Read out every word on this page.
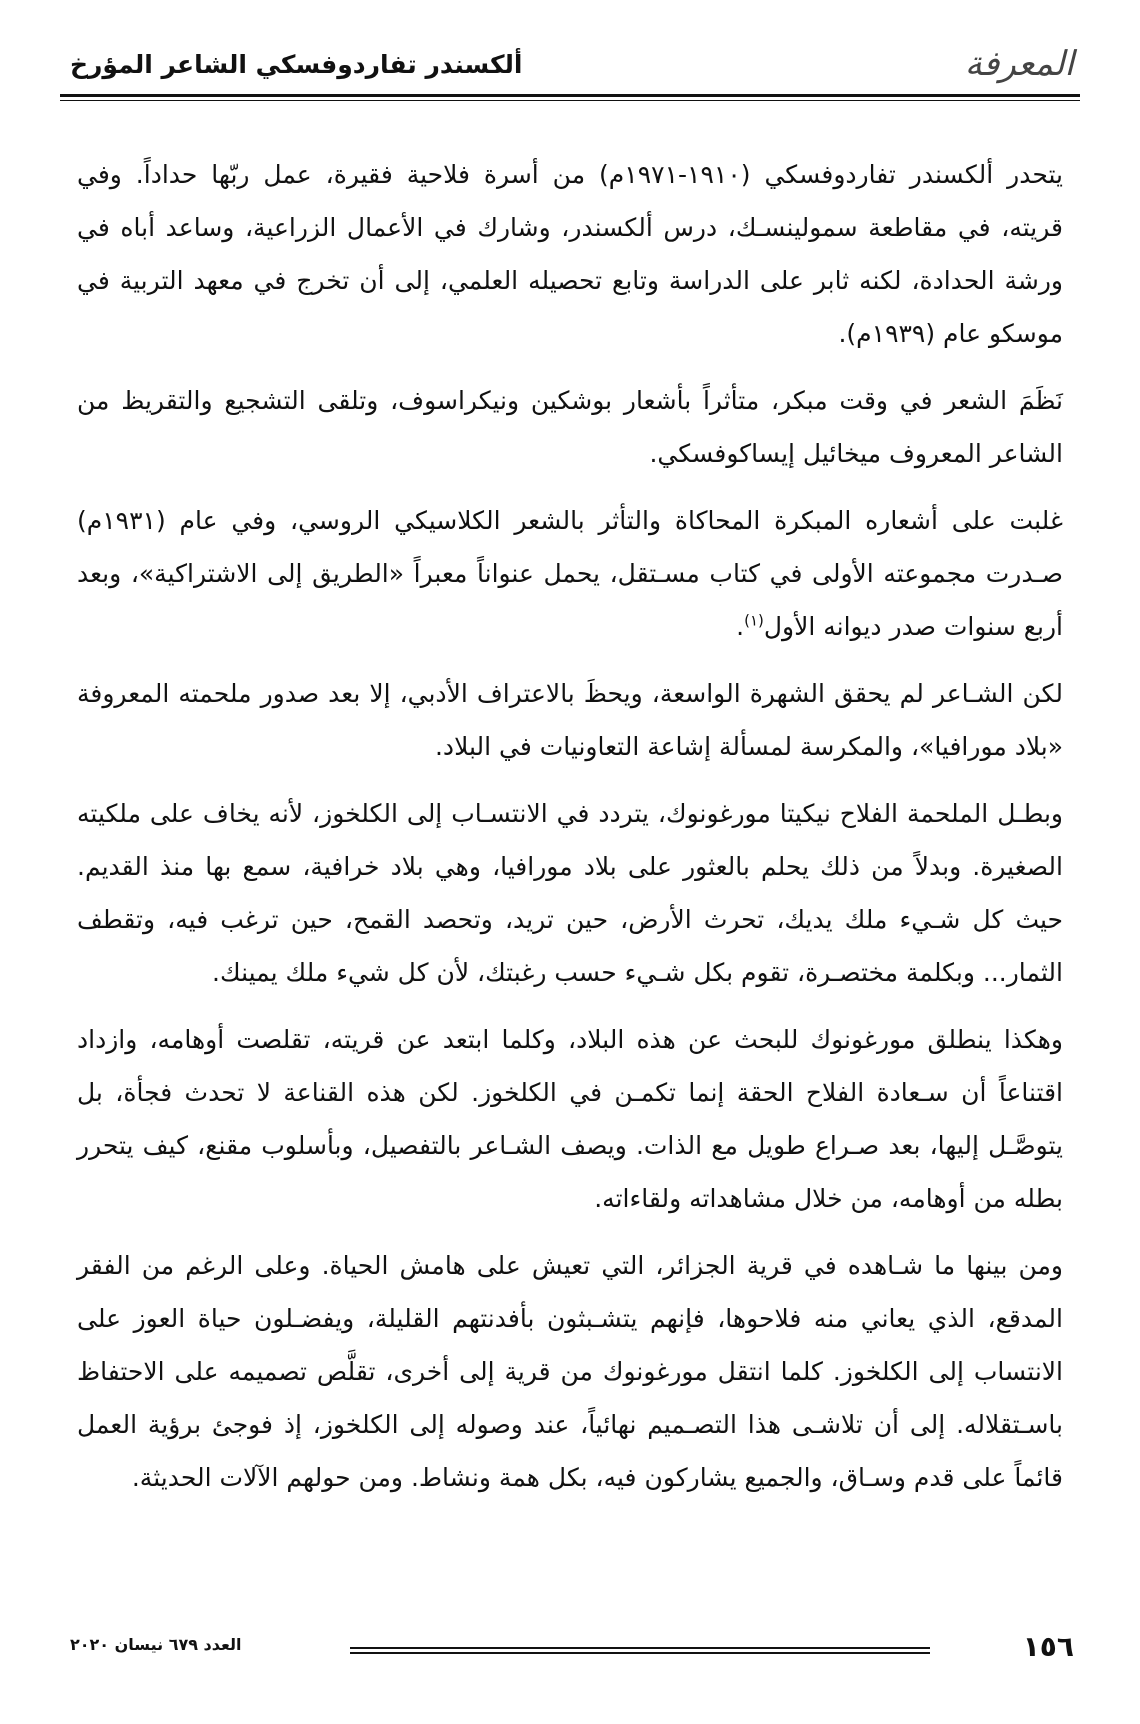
المعرفة
ألكسندر تفاردوفسكي الشاعر المؤرخ

يتحدر ألكسندر تفاردوفسكي (١٩١٠-١٩٧١م) من أسرة فلاحية فقيرة، عمل ربّها حداداً. وفي قريته، في مقاطعة سمولينسـك، درس ألكسندر، وشارك في الأعمال الزراعية، وساعد أباه في ورشة الحدادة، لكنه ثابر على الدراسة وتابع تحصيله العلمي، إلى أن تخرج في معهد التربية في موسكو عام (١٩٣٩م).

نَظَمَ الشعر في وقت مبكر، متأثراً بأشعار بوشكين ونيكراسوف، وتلقى التشجيع والتقريظ من الشاعر المعروف ميخائيل إيساكوفسكي.

غلبت على أشعاره المبكرة المحاكاة والتأثر بالشعر الكلاسيكي الروسي، وفي عام (١٩٣١م) صـدرت مجموعته الأولى في كتاب مسـتقل، يحمل عنواناً معبراً «الطريق إلى الاشتراكية»، وبعد أربع سنوات صدر ديوانه الأول$^{(١)}$.

لكن الشـاعر لم يحقق الشهرة الواسعة، ويحظَ بالاعتراف الأدبي، إلا بعد صدور ملحمته المعروفة «بلاد مورافيا»، والمكرسة لمسألة إشاعة التعاونيات في البلاد.

وبطـل الملحمة الفلاح نيكيتا مورغونوك، يتردد في الانتسـاب إلى الكلخوز، لأنه يخاف على ملكيته الصغيرة. وبدلاً من ذلك يحلم بالعثور على بلاد مورافيا، وهي بلاد خرافية، سمع بها منذ القديم. حيث كل شـيء ملك يديك، تحرث الأرض، حين تريد، وتحصد القمح، حين ترغب فيه، وتقطف الثمار... وبكلمة مختصـرة، تقوم بكل شـيء حسب رغبتك، لأن كل شيء ملك يمينك.

وهكذا ينطلق مورغونوك للبحث عن هذه البلاد، وكلما ابتعد عن قريته، تقلصت أوهامه، وازداد اقتناعاً أن سـعادة الفلاح الحقة إنما تكمـن في الكلخوز. لكن هذه القناعة لا تحدث فجأة، بل يتوصَّـل إليها، بعد صـراع طويل مع الذات. ويصف الشـاعر بالتفصيل، وبأسلوب مقنع، كيف يتحرر بطله من أوهامه، من خلال مشاهداته ولقاءاته.

ومن بينها ما شـاهده في قرية الجزائر، التي تعيش على هامش الحياة. وعلى الرغم من الفقر المدقع، الذي يعاني منه فلاحوها، فإنهم يتشـبثون بأفدنتهم القليلة، ويفضـلون حياة العوز على الانتساب إلى الكلخوز. كلما انتقل مورغونوك من قرية إلى أخرى، تقلَّص تصميمه على الاحتفاظ باسـتقلاله. إلى أن تلاشـى هذا التصـميم نهائياً، عند وصوله إلى الكلخوز، إذ فوجئ برؤية العمل قائماً على قدم وسـاق، والجميع يشاركون فيه، بكل همة ونشاط. ومن حولهم الآلات الحديثة.

١٥٦
العدد ٦٧٩ نيسان ٢٠٢٠
